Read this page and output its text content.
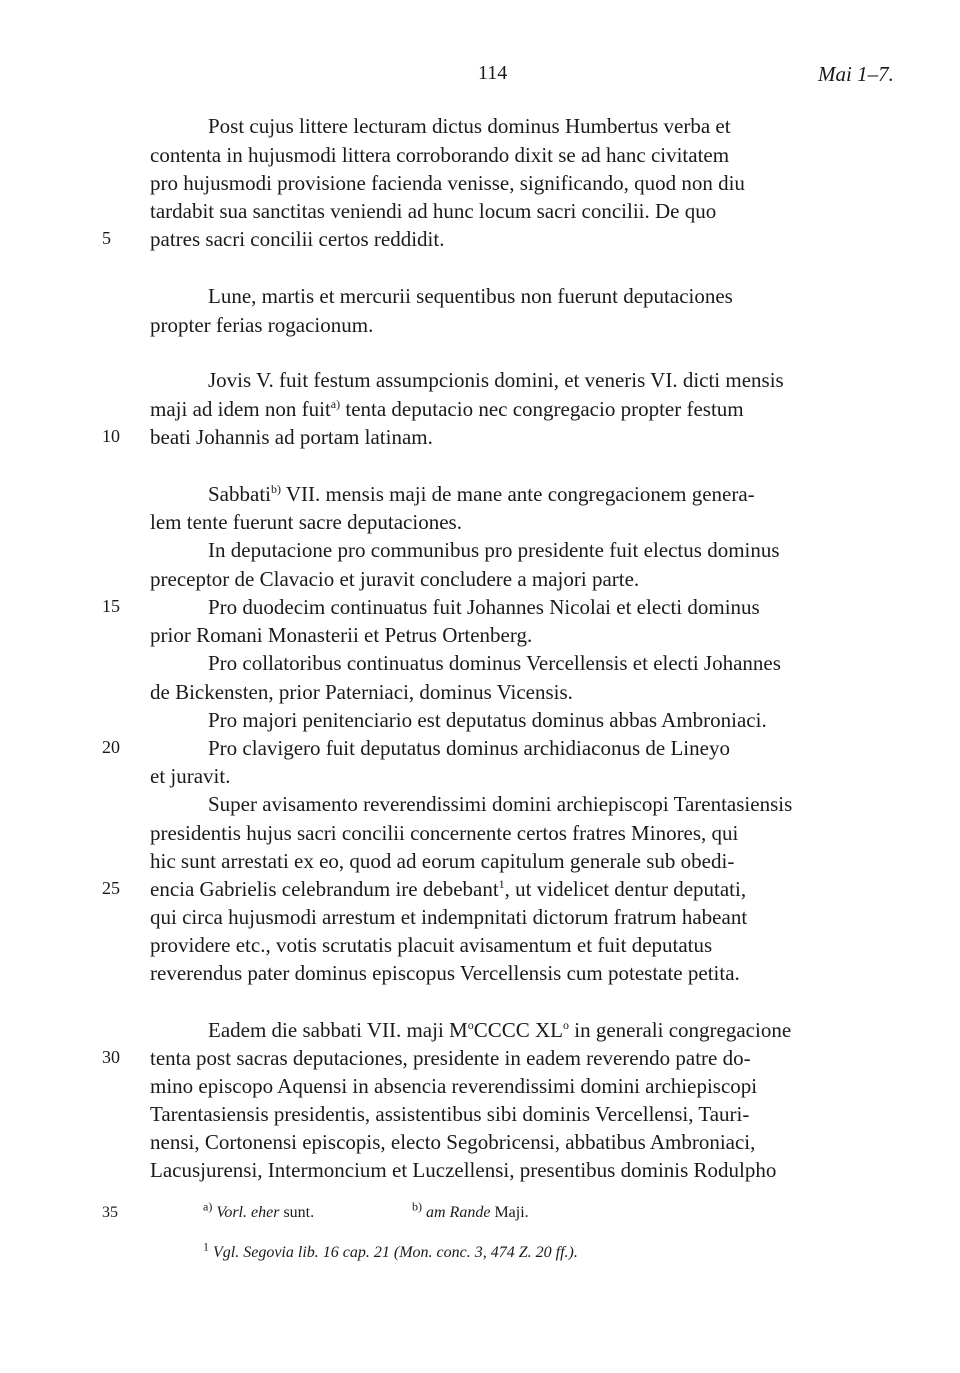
114	Mai 1–7.
Post cujus littere lecturam dictus dominus Humbertus verba et
contenta in hujusmodi littera corroborando dixit se ad hanc civitatem
pro hujusmodi provisione facienda venisse, significando, quod non diu
tardabit sua sanctitas veniendi ad hunc locum sacri concilii. De quo
5 patres sacri concilii certos reddidit.
Lune, martis et mercurii sequentibus non fuerunt deputaciones
propter ferias rogacionum.
Jovis V. fuit festum assumpcionis domini, et veneris VI. dicti mensis
maji ad idem non fuit$^{a)}$ tenta deputacio nec congregacio propter festum
10 beati Johannis ad portam latinam.
Sabbati$^{b)}$ VII. mensis maji de mane ante congregacionem genera-
lem tente fuerunt sacre deputaciones.
In deputacione pro communibus pro presidente fuit electus dominus
preceptor de Clavacio et juravit concludere a majori parte.
15	Pro duodecim continuatus fuit Johannes Nicolai et electi dominus
prior Romani Monasterii et Petrus Ortenberg.
Pro collatoribus continuatus dominus Vercellensis et electi Johannes
de Bickensten, prior Paterniaci, dominus Vicensis.
Pro majori penitenciario est deputatus dominus abbas Ambroniaci.
20	Pro clavigero fuit deputatus dominus archidiaconus de Lineyo
et juravit.
Super avisamento reverendissimi domini archiepiscopi Tarentasiensis
presidentis hujus sacri concilii concernente certos fratres Minores, qui
hic sunt arrestati ex eo, quod ad eorum capitulum generale sub obedi-
25 encia Gabrielis celebrandum ire debebant$^1$, ut videlicet dentur deputati,
qui circa hujusmodi arrestum et indempnitati dictorum fratrum habeant
providere etc., votis scrutatis placuit avisamentum et fuit deputatus
reverendus pater dominus episcopus Vercellensis cum potestate petita.
Eadem die sabbati VII. maji $M^oCCCC$ $XL^o$ in generali congregacione
30 tenta post sacras deputaciones, presidente in eadem reverendo patre do-
mino episcopo Aquensi in absencia reverendissimi domini archiepiscopi
Tarentasiensis presidentis, assistentibus sibi dominis Vercellensi, Tauri-
nensi, Cortonensi episcopis, electo Segobricensi, abbatibus Ambroniaci,
Lacusjurensi, Intermoncium et Luczellensi, presentibus dominis Rodulpho
35	$^{a)}$ Vorl. eher sunt.	$^{b)}$ am Rande Maji.
$^1$ Vgl. Segovia lib. 16 cap. 21 (Mon. conc. 3, 474 Z. 20 ff.).
